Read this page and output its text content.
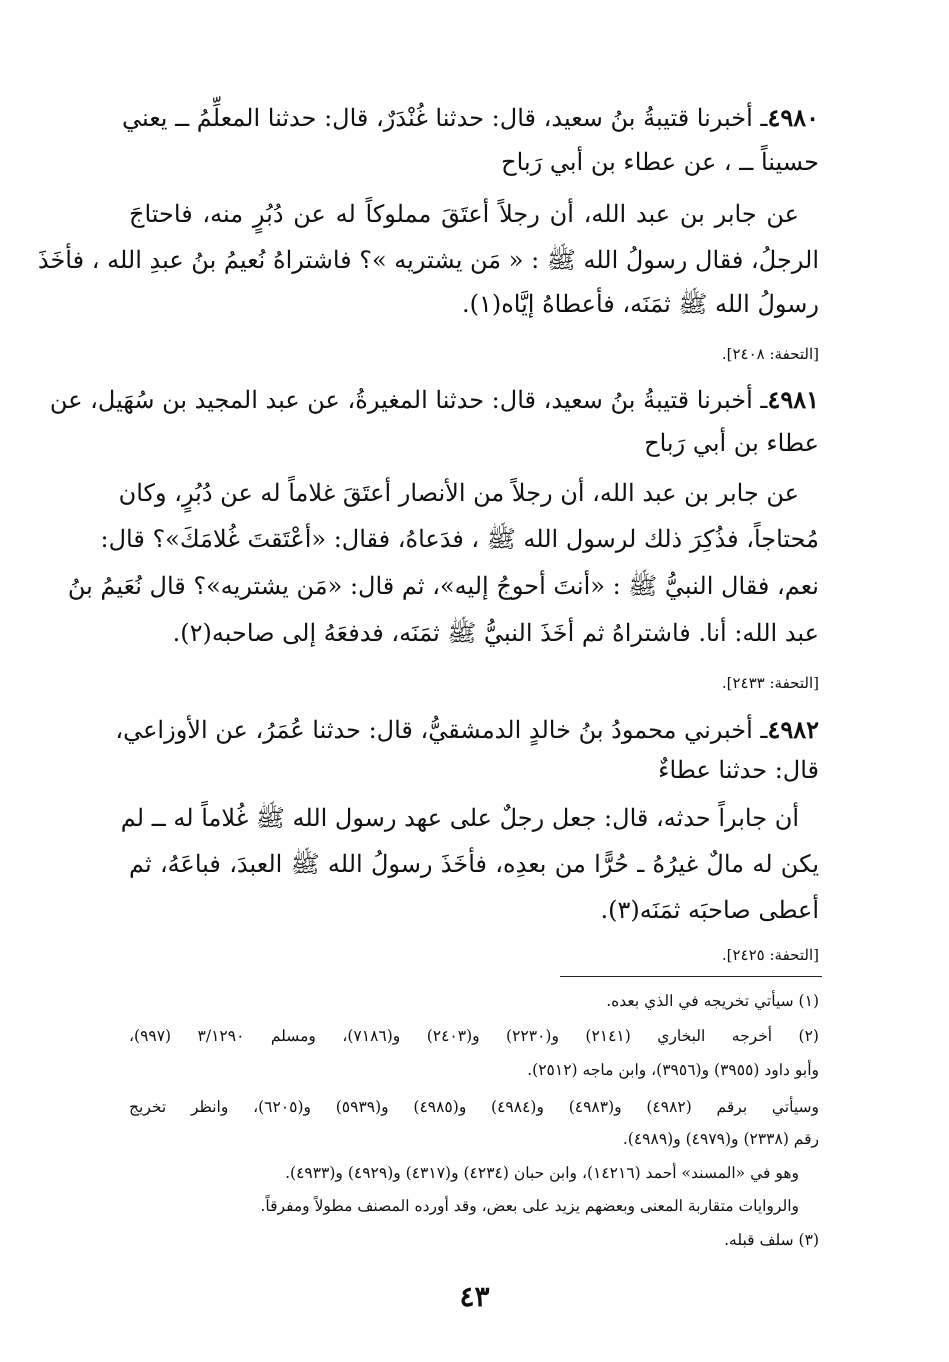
٤٩٨٠ـ أخبرنا قتيبةُ بنُ سعيد، قال: حدثنا غُنْدَرٌ، قال: حدثنا المعلِّمُ ــ يعني
حسيناً ــ ، عن عطاء بن أبي رَباح
عن جابر بن عبد الله، أن رجلاً أعتَقَ مملوكاً له عن دُبُرٍ منه، فاحتاجَ
الرجلُ، فقال رسولُ الله ﷺ : « مَن يشتريه »؟ فاشتراهُ نُعيمُ بنُ عبدِ الله ، فأخَذَ
رسولُ الله ﷺ ثمَنَه، فأعطاهُ إيَّاه(١).
[التحفة: ٢٤٠٨].
٤٩٨١ـ أخبرنا قتيبةُ بنُ سعيد، قال: حدثنا المغيرةُ، عن عبد المجيد بن سُهَيل، عن
عطاء بن أبي رَباح
عن جابر بن عبد الله، أن رجلاً من الأنصار أعتَقَ غلاماً له عن دُبُرٍ، وكان
مُحتاجاً، فذُكِرَ ذلك لرسول الله ﷺ ، فدَعاهُ، فقال: «أعْتَقتَ غُلامَكَ»؟ قال:
نعم، فقال النبيُّ ﷺ : «أنتَ أحوجُ إليه»، ثم قال: «مَن يشتريه»؟ قال نُعَيمُ بنُ
عبد الله: أنا. فاشتراهُ ثم أخَذَ النبيُّ ﷺ ثمَنَه، فدفعَهُ إلى صاحبه(٢).
[التحفة: ٢٤٣٣].
٤٩٨٢ـ أخبرني محمودُ بنُ خالدٍ الدمشقيُّ، قال: حدثنا عُمَرُ، عن الأوزاعي،
قال: حدثنا عطاءٌ
أن جابراً حدثه، قال: جعل رجلٌ على عهد رسول الله ﷺ غُلاماً له ــ لم
يكن له مالٌ غيرُهُ ـ حُرًّا من بعدِه، فأخَذَ رسولُ الله ﷺ العبدَ، فباعَهُ، ثم
أعطى صاحبَه ثمَنَه(٣).
[التحفة: ٢٤٢٥].
(١) سيأتي تخريجه في الذي بعده.
(٢) أخرجه البخاري (٢١٤١) و(٢٢٣٠) و(٢٤٠٣) و(٧١٨٦)، ومسلم ٣/١٢٩٠ (٩٩٧)،
وأبو داود (٣٩٥٥) و(٣٩٥٦)، وابن ماجه (٢٥١٢).
وسيأتي برقم (٤٩٨٢) و(٤٩٨٣) و(٤٩٨٤) و(٤٩٨٥) و(٥٩٣٩) و(٦٢٠٥)، وانظر تخريج
رقم (٢٣٣٨) و(٤٩٧٩) و(٤٩٨٩).
وهو في «المسند» أحمد (١٤٢١٦)، وابن حبان (٤٢٣٤) و(٤٣١٧) و(٤٩٢٩) و(٤٩٣٣).
والروايات متقاربة المعنى وبعضهم يزيد على بعض، وقد أورده المصنف مطولاً ومفرقاً.
(٣) سلف قبله.
٤٣
